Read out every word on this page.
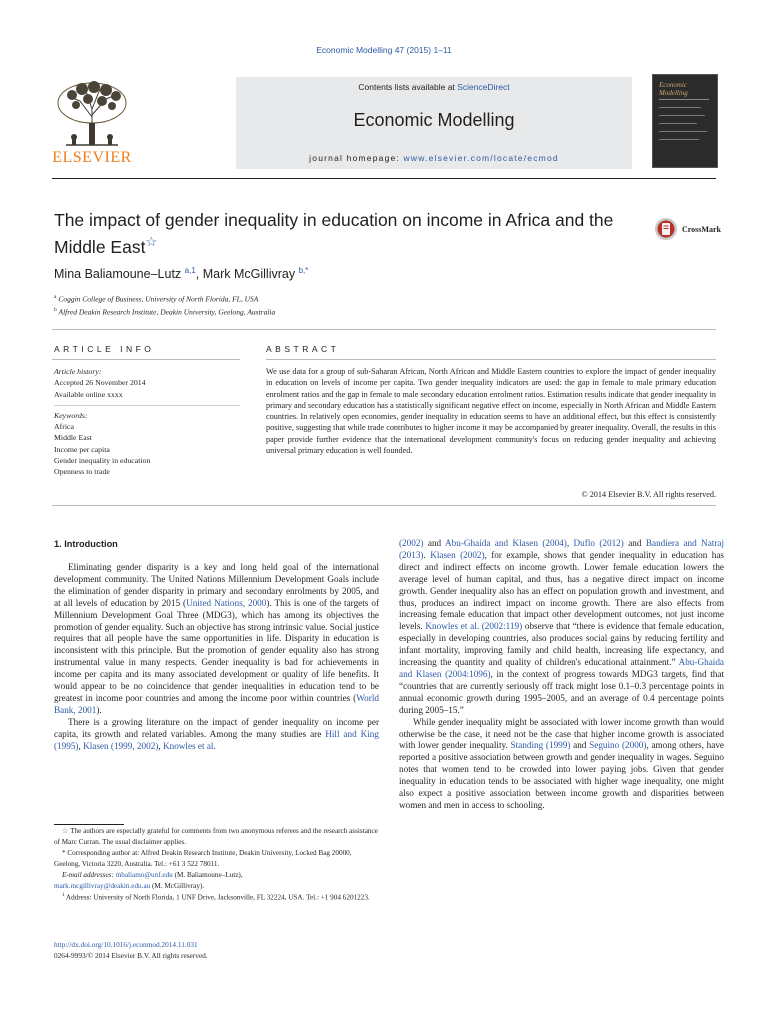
Economic Modelling 47 (2015) 1–11
ELSEVIER
Contents lists available at ScienceDirect
Economic Modelling
journal homepage: www.elsevier.com/locate/ecmod
Economic Modelling
The impact of gender inequality in education on income in Africa and the Middle East☆
CrossMark
Mina Baliamoune–Lutz $^{a,1}$, Mark McGillivray $^{b,*}$
$^a$ Coggin College of Business, University of North Florida, FL, USA
$^b$ Alfred Deakin Research Institute, Deakin University, Geelong, Australia
ARTICLE INFO	ABSTRACT
Article history:
Accepted 26 November 2014
Available online xxxx
Keywords:
Africa
Middle East
Income per capita
Gender inequality in education
Openness to trade
We use data for a group of sub-Saharan African, North African and Middle Eastern countries to explore the impact of gender inequality in education on levels of income per capita. Two gender inequality indicators are used: the gap in female to male primary education enrolment ratios and the gap in female to male secondary education enrolment ratios. Estimation results indicate that gender inequality in primary and secondary education has a statistically significant negative effect on income, especially in North African and Middle Eastern countries. In relatively open economies, gender inequality in education seems to have an additional effect, but this effect is consistently positive, suggesting that while trade contributes to higher income it may be accompanied by greater inequality. Overall, the results in this paper provide further evidence that the international development community's focus on reducing gender inequality and achieving universal primary education is well founded.
© 2014 Elsevier B.V. All rights reserved.
1. Introduction

Eliminating gender disparity is a key and long held goal of the international development community. The United Nations Millennium Development Goals include the elimination of gender disparity in primary and secondary enrolments by 2005, and at all levels of education by 2015 (United Nations, 2000). This is one of the targets of Millennium Development Goal Three (MDG3), which has among its objectives the promotion of gender equality. Such an objective has strong intrinsic value. Social justice requires that all people have the same opportunities in life. Disparity in education is inconsistent with this principle. But the promotion of gender equality also has strong instrumental value in many respects. Gender inequality is bad for achievements in income per capita and its many associated development or quality of life benefits. It would appear to be no coincidence that gender inequalities in education tend to be greatest in income poor countries and among the income poor within countries (World Bank, 2001).

There is a growing literature on the impact of gender inequality on income per capita, its growth and related variables. Among the many studies are Hill and King (1995), Klasen (1999, 2002), Knowles et al.

(2002) and Abu-Ghaida and Klasen (2004), Duflo (2012) and Bandiera and Natraj (2013). Klasen (2002), for example, shows that gender inequality in education has direct and indirect effects on income growth. Lower female education lowers the average level of human capital, and thus, has a negative direct impact on income growth. Gender inequality also has an effect on population growth and investment, and thus, produces an indirect impact on income growth. There are also effects from increasing female education that impact other development outcomes, not just income levels. Knowles et al. (2002:119) observe that “there is evidence that female education, especially in developing countries, also produces social gains by reducing fertility and infant mortality, improving family and child health, increasing life expectancy, and increasing the quantity and quality of children's educational attainment.” Abu-Ghaida and Klasen (2004:1096), in the context of progress towards MDG3 targets, find that “countries that are currently seriously off track might lose 0.1–0.3 percentage points in annual economic growth during 1995–2005, and an average of 0.4 percentage points during 2005–15.”

While gender inequality might be associated with lower income growth than would otherwise be the case, it need not be the case that higher income growth is associated with lower gender inequality. Standing (1999) and Seguino (2000), among others, have reported a positive association between growth and gender inequality in wages. Seguino notes that women tend to be crowded into lower paying jobs. Given that gender inequality in education tends to be associated with higher wage inequality, one might also expect a positive association between income growth and disparities between women and men in access to schooling.

☆ The authors are especially grateful for comments from two anonymous referees and the research assistance of Marc Curran. The usual disclaimer applies.

* Corresponding author at: Alfred Deakin Research Institute, Deakin University, Locked Bag 20000, Geelong, Victoria 3220, Australia. Tel.: +61 3 522 78011.

E-mail addresses: mbaliamo@unf.edu (M. Baliamoune–Lutz),

mark.mcgillivray@deakin.edu.au (M. McGillivray).

$^1$ Address: University of North Florida, 1 UNF Drive, Jacksonville, FL 32224, USA. Tel.: +1 904 6201223.

http://dx.doi.org/10.1016/j.econmod.2014.11.031
0264-9993/© 2014 Elsevier B.V. All rights reserved.
